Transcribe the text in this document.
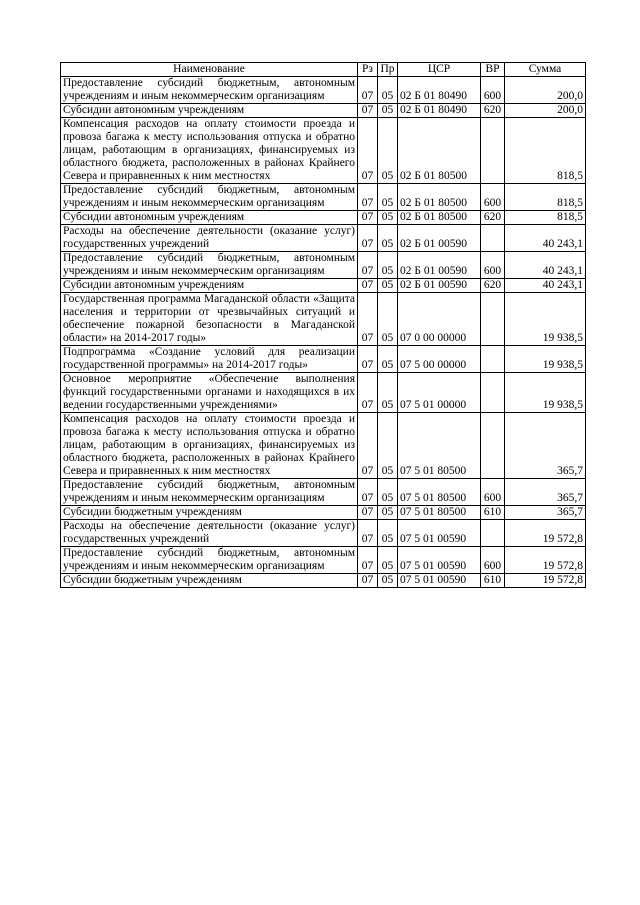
Наименование	Рз	Пр	ЦСР	ВР	Сумма
Предоставление субсидий бюджетным, автономным учреждениям и иным некоммерческим организациям	07	05	02 Б 01 80490	600	200,0
Субсидии автономным учреждениям	07	05	02 Б 01 80490	620	200,0
Компенсация расходов на оплату стоимости проезда и провоза багажа к месту использования отпуска и обратно лицам, работающим в организациях, финансируемых из областного бюджета, расположенных в районах Крайнего Севера и приравненных к ним местностях	07	05	02 Б 01 80500		818,5
Предоставление субсидий бюджетным, автономным учреждениям и иным некоммерческим организациям	07	05	02 Б 01 80500	600	818,5
Субсидии автономным учреждениям	07	05	02 Б 01 80500	620	818,5
Расходы на обеспечение деятельности (оказание услуг) государственных учреждений	07	05	02 Б 01 00590		40 243,1
Предоставление субсидий бюджетным, автономным учреждениям и иным некоммерческим организациям	07	05	02 Б 01 00590	600	40 243,1
Субсидии автономным учреждениям	07	05	02 Б 01 00590	620	40 243,1
Государственная программа Магаданской области «Защита населения и территории от чрезвычайных ситуаций и обеспечение пожарной безопасности в Магаданской области» на 2014-2017 годы»	07	05	07 0 00 00000		19 938,5
Подпрограмма «Создание условий для реализации государственной программы» на 2014-2017 годы»	07	05	07 5 00 00000		19 938,5
Основное мероприятие «Обеспечение выполнения функций государственными органами и находящихся в их ведении государственными учреждениями»	07	05	07 5 01 00000		19 938,5
Компенсация расходов на оплату стоимости проезда и провоза багажа к месту использования отпуска и обратно лицам, работающим в организациях, финансируемых из областного бюджета, расположенных в районах Крайнего Севера и приравненных к ним местностях	07	05	07 5 01 80500		365,7
Предоставление субсидий бюджетным, автономным учреждениям и иным некоммерческим организациям	07	05	07 5 01 80500	600	365,7
Субсидии бюджетным учреждениям	07	05	07 5 01 80500	610	365,7
Расходы на обеспечение деятельности (оказание услуг) государственных учреждений	07	05	07 5 01 00590		19 572,8
Предоставление субсидий бюджетным, автономным учреждениям и иным некоммерческим организациям	07	05	07 5 01 00590	600	19 572,8
Субсидии бюджетным учреждениям	07	05	07 5 01 00590	610	19 572,8
